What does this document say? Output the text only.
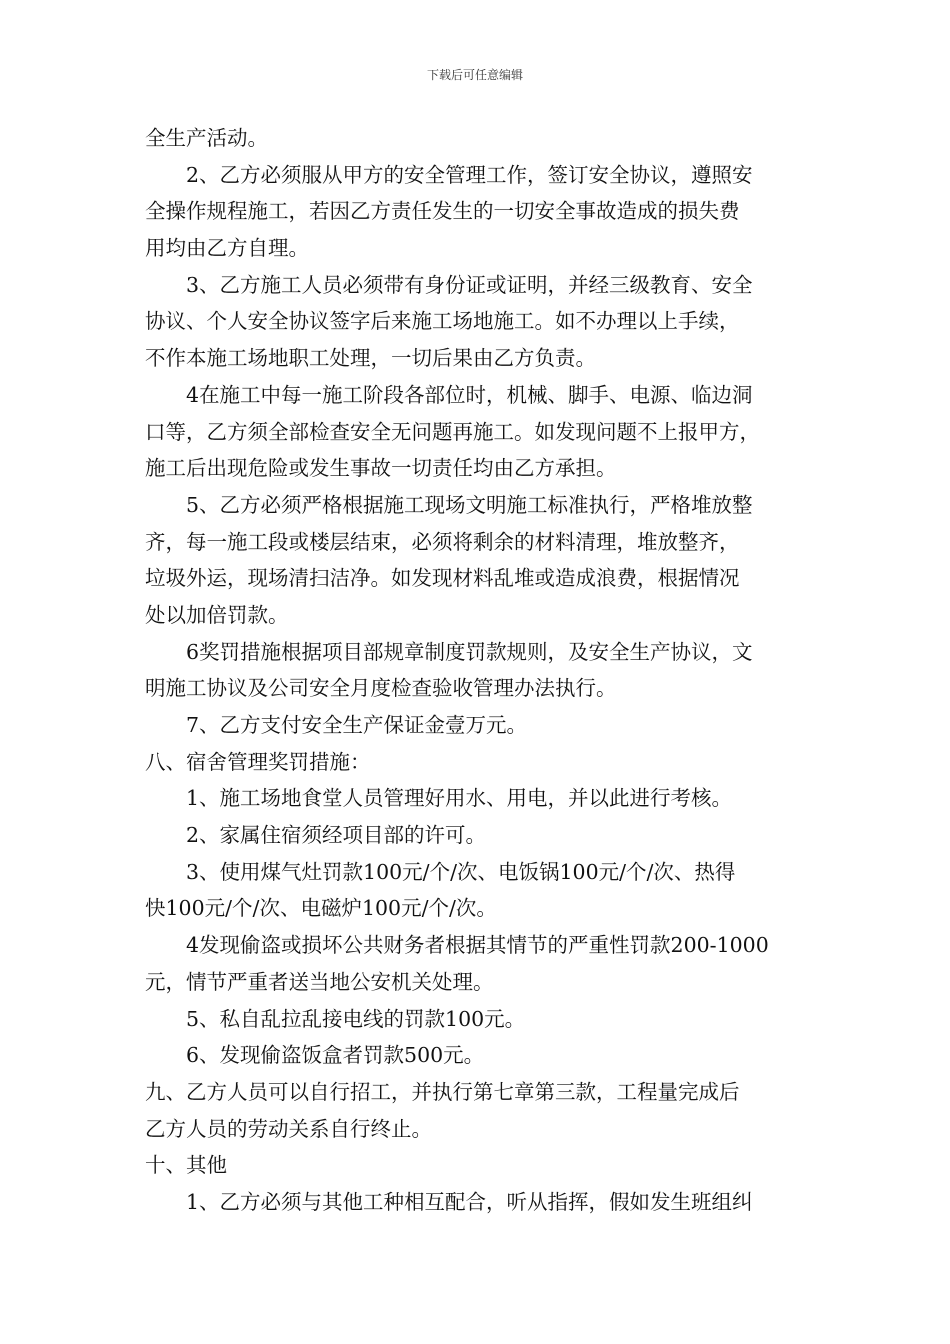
下载后可任意编辑
全生产活动。
2、乙方必须服从甲方的安全管理工作，签订安全协议，遵照安
全操作规程施工，若因乙方责任发生的一切安全事故造成的损失费
用均由乙方自理。
3、乙方施工人员必须带有身份证或证明，并经三级教育、安全
协议、个人安全协议签字后来施工场地施工。如不办理以上手续，
不作本施工场地职工处理，一切后果由乙方负责。
4在施工中每一施工阶段各部位时，机械、脚手、电源、临边洞
口等，乙方须全部检查安全无问题再施工。如发现问题不上报甲方，
施工后出现危险或发生事故一切责任均由乙方承担。
5、乙方必须严格根据施工现场文明施工标准执行，严格堆放整
齐，每一施工段或楼层结束，必须将剩余的材料清理，堆放整齐，
垃圾外运，现场清扫洁净。如发现材料乱堆或造成浪费，根据情况
处以加倍罚款。
6奖罚措施根据项目部规章制度罚款规则，及安全生产协议，文
明施工协议及公司安全月度检查验收管理办法执行。
7、乙方支付安全生产保证金壹万元。
八、宿舍管理奖罚措施：
1、施工场地食堂人员管理好用水、用电，并以此进行考核。
2、家属住宿须经项目部的许可。
3、使用煤气灶罚款100元/个/次、电饭锅100元/个/次、热得
快100元/个/次、电磁炉100元/个/次。
4发现偷盗或损坏公共财务者根据其情节的严重性罚款200-1000
元，情节严重者送当地公安机关处理。
5、私自乱拉乱接电线的罚款100元。
6、发现偷盗饭盒者罚款500元。
九、乙方人员可以自行招工，并执行第七章第三款，工程量完成后
乙方人员的劳动关系自行终止。
十、其他
1、乙方必须与其他工种相互配合，听从指挥，假如发生班组纠
